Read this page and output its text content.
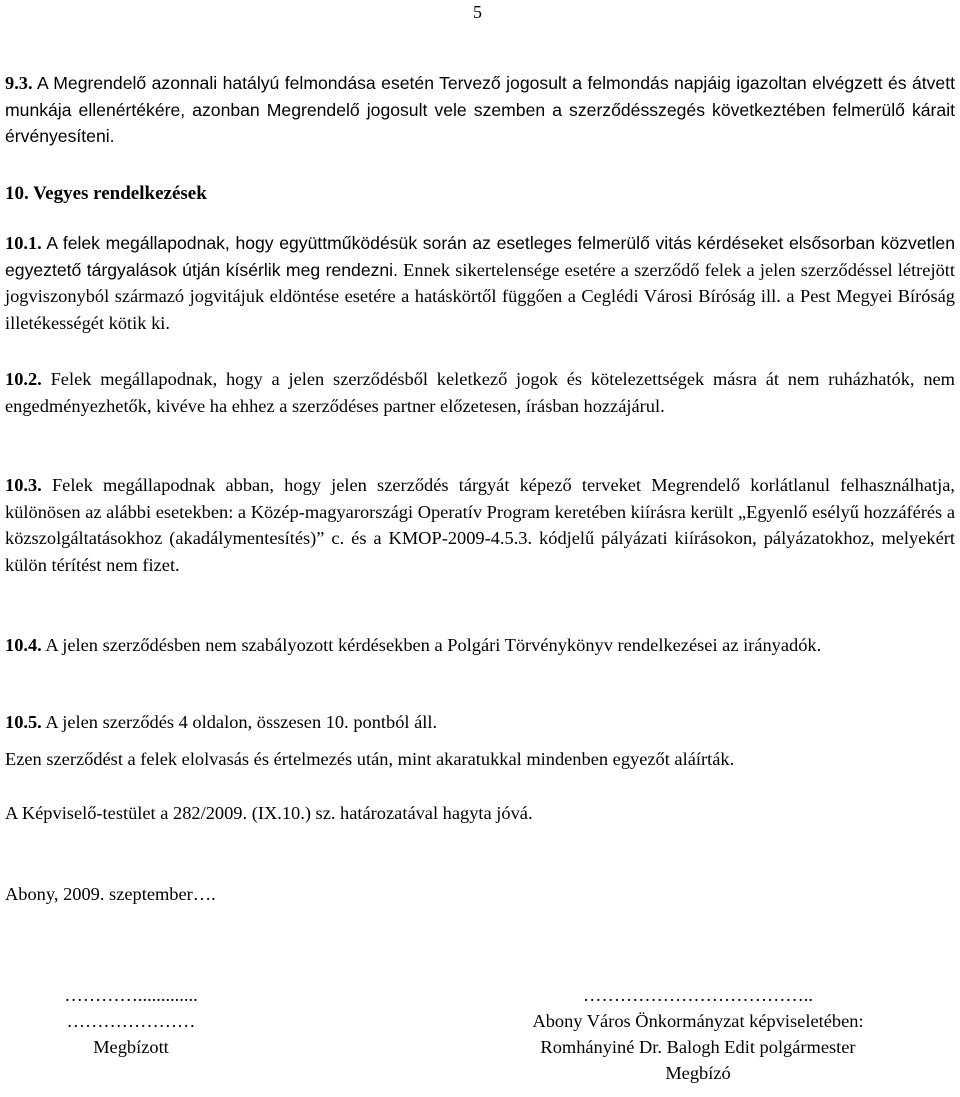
5

9.3. A Megrendelő azonnali hatályú felmondása esetén Tervező jogosult a felmondás napjáig igazoltan elvégzett és átvett munkája ellenértékére, azonban Megrendelő jogosult vele szemben a szerződésszegés következtében felmerülő kárait érvényesíteni.

10. Vegyes rendelkezések

10.1. A felek megállapodnak, hogy együttműködésük során az esetleges felmerülő vitás kérdéseket elsősorban közvetlen egyeztető tárgyalások útján kísérlik meg rendezni. Ennek sikertelensége esetére a szerződő felek a jelen szerződéssel létrejött jogviszonyból származó jogvitájuk eldöntése esetére a hatáskörtől függően a Ceglédi Városi Bíróság ill. a Pest Megyei Bíróság illetékességét kötik ki.

10.2. Felek megállapodnak, hogy a jelen szerződésből keletkező jogok és kötelezettségek másra át nem ruházhatók, nem engedményezhetők, kivéve ha ehhez a szerződéses partner előzetesen, írásban hozzájárul.

10.3. Felek megállapodnak abban, hogy jelen szerződés tárgyát képező terveket Megrendelő korlátlanul felhasználhatja, különösen az alábbi esetekben: a Közép-magyarországi Operatív Program keretében kiírásra került „Egyenlő esélyű hozzáférés a közszolgáltatásokhoz (akadálymentesítés)” c. és a KMOP-2009-4.5.3. kódjelű pályázati kiírásokon, pályázatokhoz, melyekért külön térítést nem fizet.

10.4. A jelen szerződésben nem szabályozott kérdésekben a Polgári Törvénykönyv rendelkezései az irányadók.

10.5. A jelen szerződés 4 oldalon, összesen 10. pontból áll.

Ezen szerződést a felek elolvasás és értelmezés után, mint akaratukkal mindenben egyezőt aláírták.

A Képviselő-testület a 282/2009. (IX.10.) sz. határozatával hagyta jóvá.

Abony, 2009. szeptember….

………….............
…………………
Megbízott
………………………………..
Abony Város Önkormányzat képviseletében:
Romhányiné Dr. Balogh Edit polgármester
Megbízó
